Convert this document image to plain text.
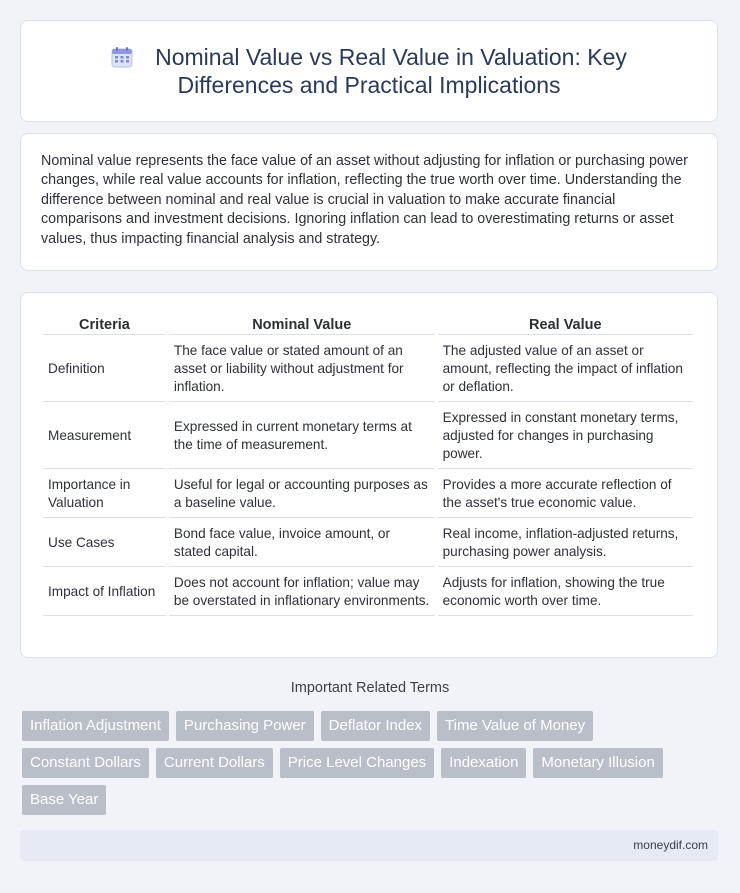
Nominal Value vs Real Value in Valuation: Key
Differences and Practical Implications
Nominal value represents the face value of an asset without adjusting for inflation or purchasing power changes, while real value accounts for inflation, reflecting the true worth over time. Understanding the difference between nominal and real value is crucial in valuation to make accurate financial comparisons and investment decisions. Ignoring inflation can lead to overestimating returns or asset values, thus impacting financial analysis and strategy.
Criteria	Nominal Value	Real Value
Definition	The face value or stated amount of an asset or liability without adjustment for inflation.	The adjusted value of an asset or amount, reflecting the impact of inflation or deflation.
Measurement	Expressed in current monetary terms at the time of measurement.	Expressed in constant monetary terms, adjusted for changes in purchasing power.
Importance in Valuation	Useful for legal or accounting purposes as a baseline value.	Provides a more accurate reflection of the asset's true economic value.
Use Cases	Bond face value, invoice amount, or stated capital.	Real income, inflation-adjusted returns, purchasing power analysis.
Impact of Inflation	Does not account for inflation; value may be overstated in inflationary environments.	Adjusts for inflation, showing the true economic worth over time.
Important Related Terms
Inflation Adjustment	Purchasing Power	Deflator Index	Time Value of Money
Constant Dollars	Current Dollars	Price Level Changes	Indexation	Monetary Illusion
Base Year
moneydif.com
